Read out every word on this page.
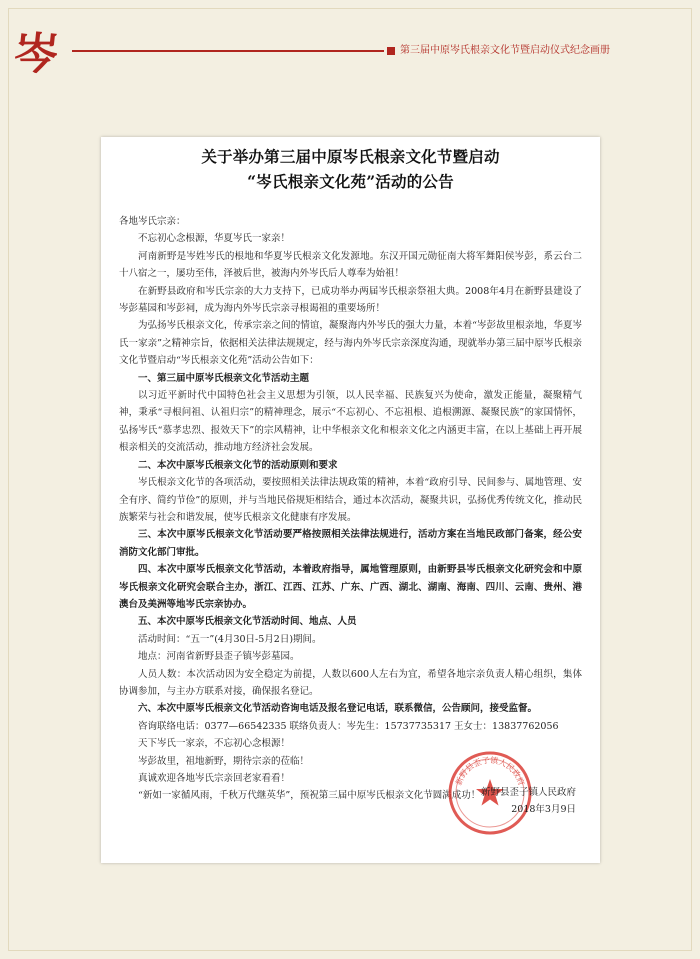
岑	第三届中原岑氏根亲文化节暨启动仪式纪念画册
关于举办第三届中原岑氏根亲文化节暨启动
“岑氏根亲文化苑”活动的公告

各地岑氏宗亲：

不忘初心念根源，华夏岑氏一家亲！

河南新野是岑姓岑氏的根地和华夏岑氏根亲文化发源地。东汉开国元勋征南大将军舞阳侯岑彭，系云台二十八宿之一，屡功至伟，泽被后世，被海内外岑氏后人尊奉为始祖！

在新野县政府和岑氏宗亲的大力支持下，已成功举办两届岑氏根亲祭祖大典。2008年4月在新野县建设了岑彭墓园和岑彭祠，成为海内外岑氏宗亲寻根谒祖的重要场所！

为弘扬岑氏根亲文化，传承宗亲之间的情谊，凝聚海内外岑氏的强大力量，本着“岑彭故里根亲地，华夏岑氏一家亲”之精神宗旨，依据相关法律法规规定，经与海内外岑氏宗亲深度沟通，现就举办第三届中原岑氏根亲文化节暨启动“岑氏根亲文化苑”活动公告如下：

一、第三届中原岑氏根亲文化节活动主题

以习近平新时代中国特色社会主义思想为引领，以人民幸福、民族复兴为使命，激发正能量，凝聚精气神，秉承“寻根问祖、认祖归宗”的精神理念，展示“不忘初心、不忘祖根、追根溯源、凝聚民族”的家国情怀，弘扬岑氏“慕孝忠烈、报效天下”的宗风精神，让中华根亲文化和根亲文化之内涵更丰富，在以上基础上再开展根亲相关的交流活动，推动地方经济社会发展。

二、本次中原岑氏根亲文化节的活动原则和要求

岑氏根亲文化节的各项活动，要按照相关法律法规政策的精神，本着“政府引导、民间参与、属地管理、安全有序、简约节俭”的原则，并与当地民俗规矩相结合，通过本次活动，凝聚共识，弘扬优秀传统文化，推动民族繁荣与社会和谐发展，使岑氏根亲文化健康有序发展。

三、本次中原岑氏根亲文化节活动要严格按照相关法律法规进行，活动方案在当地民政部门备案，经公安消防文化部门审批。

四、本次中原岑氏根亲文化节活动，本着政府指导，属地管理原则，由新野县岑氏根亲文化研究会和中原岑氏根亲文化研究会联合主办，浙江、江西、江苏、广东、广西、湖北、湖南、海南、四川、云南、贵州、港澳台及美洲等地岑氏宗亲协办。

五、本次中原岑氏根亲文化节活动时间、地点、人员

活动时间：“五一”(4月30日-5月2日)期间。

地点：河南省新野县歪子镇岑彭墓园。

人员人数：本次活动因为安全稳定为前提，人数以600人左右为宜，希望各地宗亲负责人精心组织，集体协调参加，与主办方联系对接，确保报名登记。

六、本次中原岑氏根亲文化节活动咨询电话及报名登记电话，联系微信，公告顾问，接受监督。

咨询联络电话：0377—66542335 联络负责人：岑先生：15737735317 王女士：13837762056

天下岑氏一家亲，不忘初心念根源！

岑彭故里，祖地新野，期待宗亲的莅临！

真诚欢迎各地岑氏宗亲回老家看看！

“新如一家循风雨，千秋万代继英华”，预祝第三届中原岑氏根亲文化节圆满成功！

新野县歪子镇人民政府
新野县歪子镇人民政府
2018年3月9日
